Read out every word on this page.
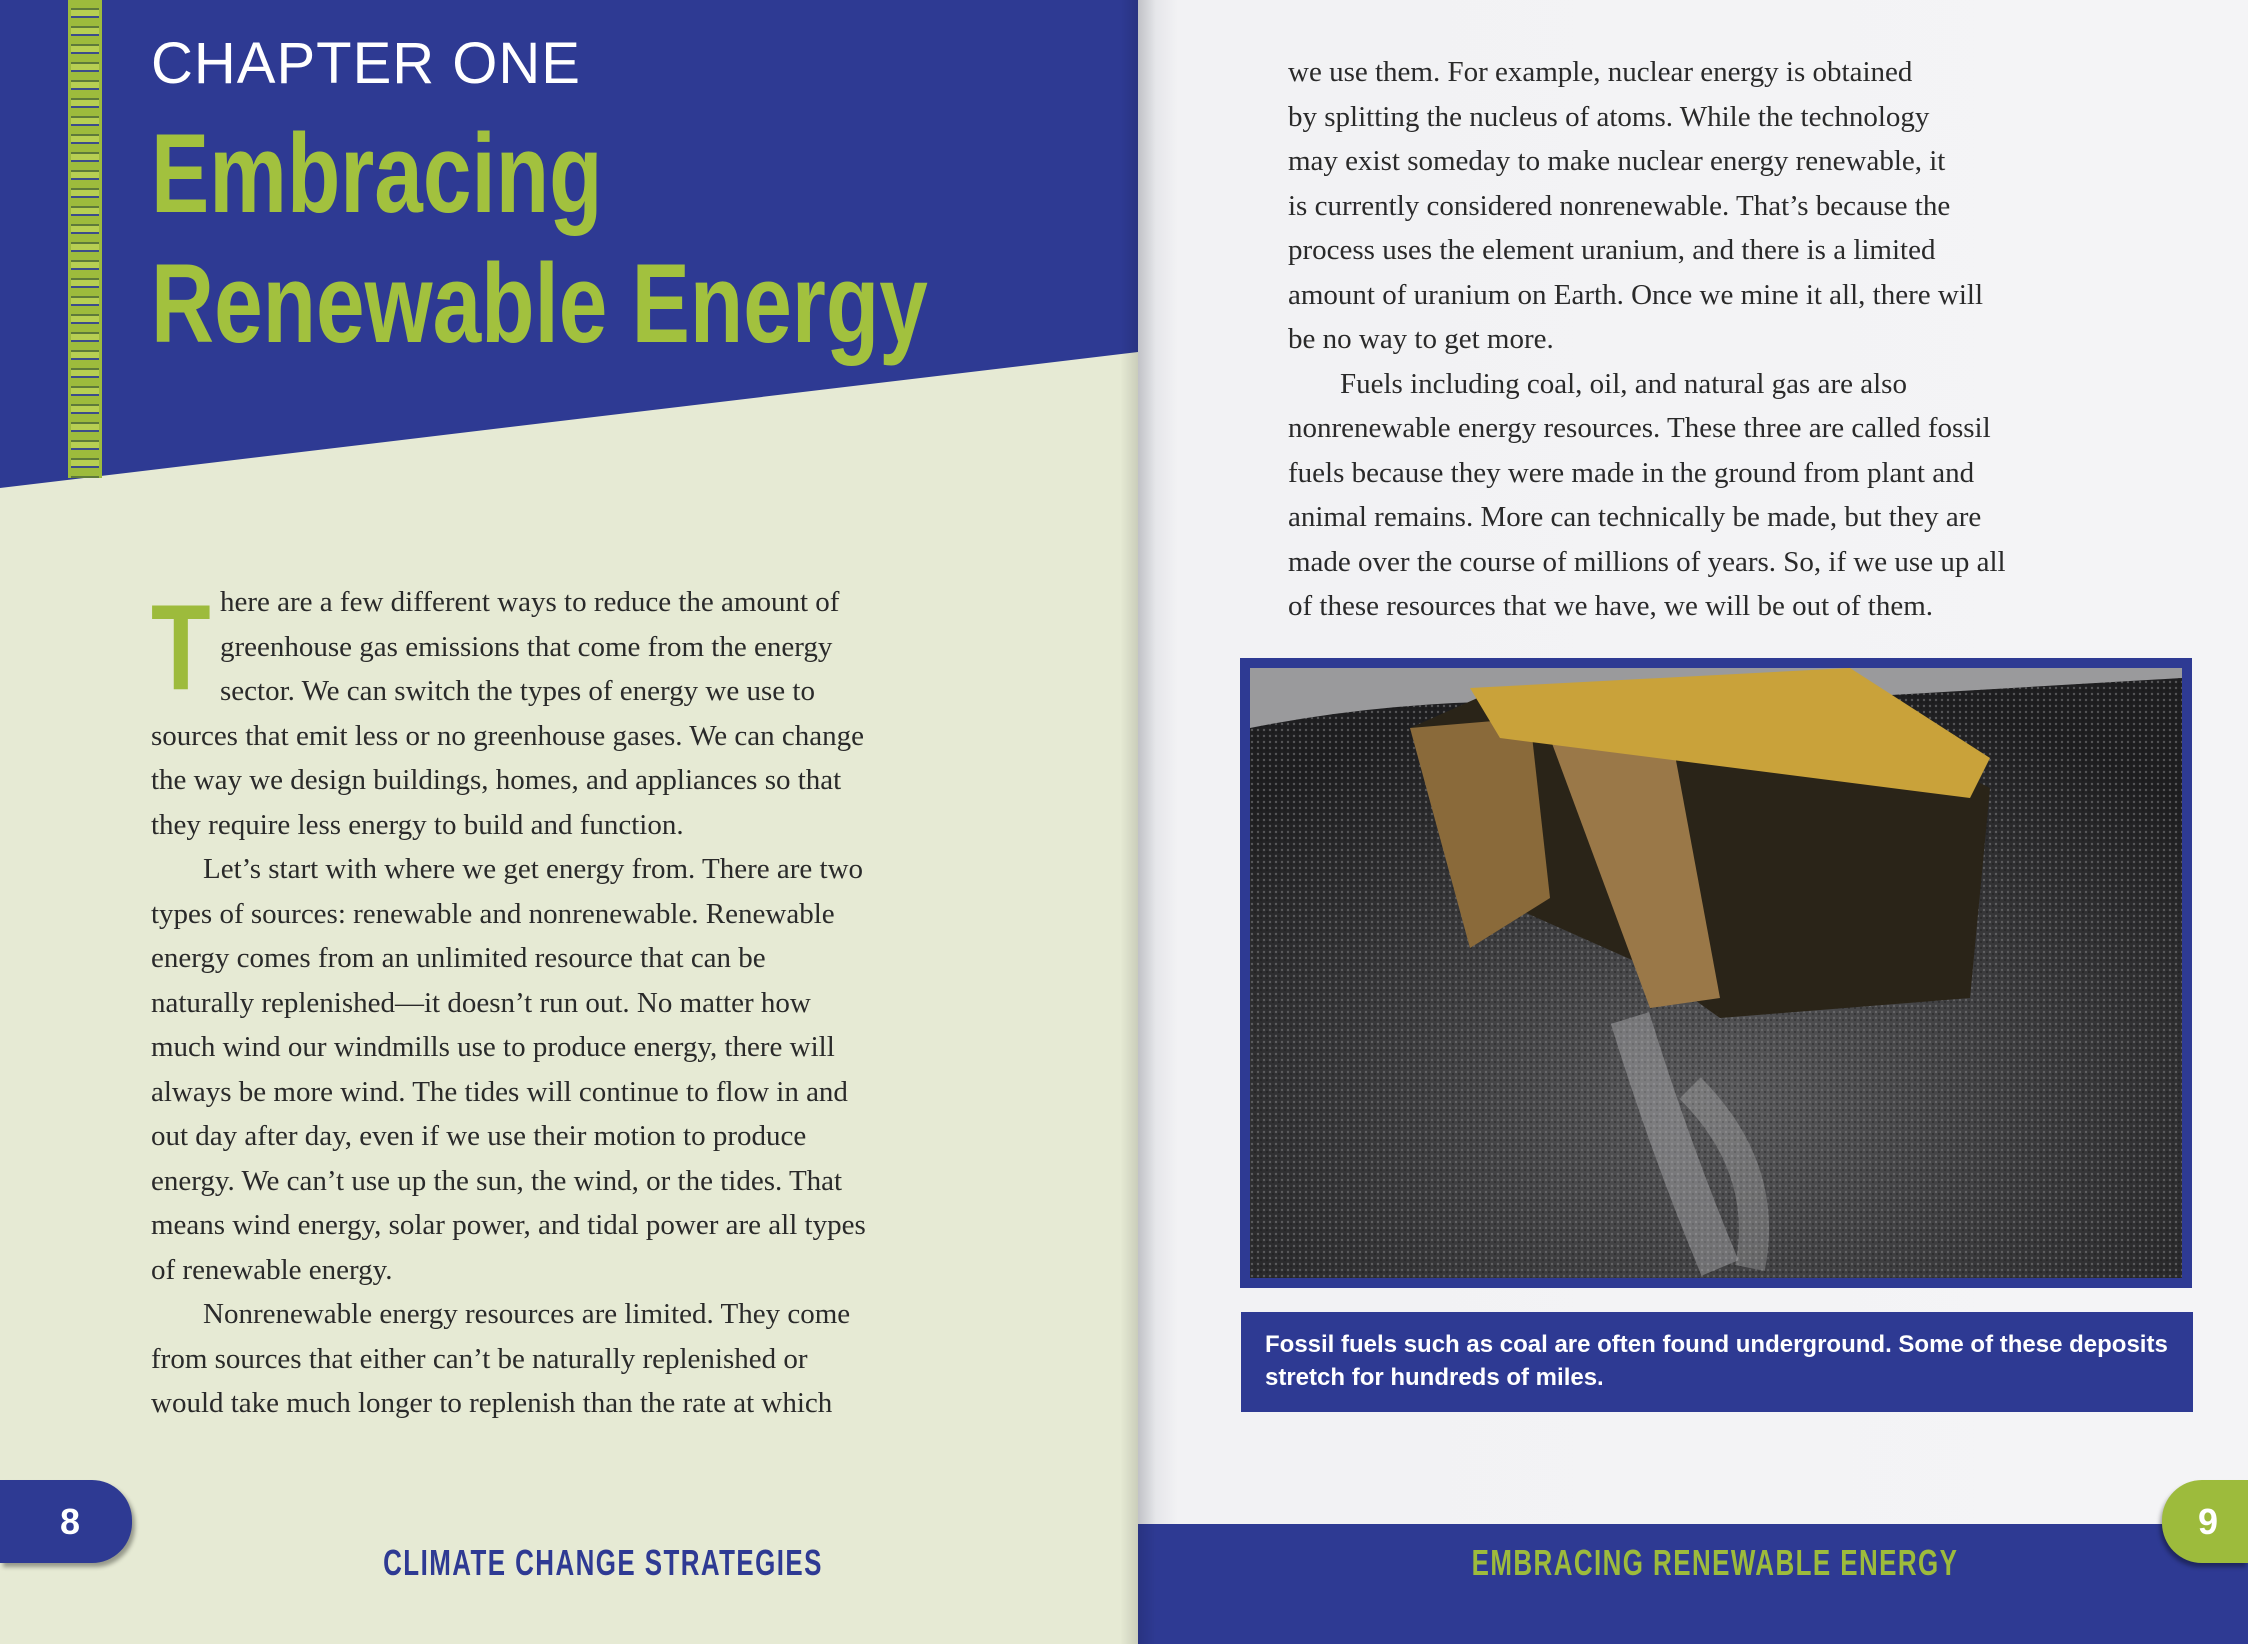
CHAPTER ONE
Embracing
Renewable Energy
T here are a few different ways to reduce the amount of
greenhouse gas emissions that come from the energy
sector. We can switch the types of energy we use to
sources that emit less or no greenhouse gases. We can change
the way we design buildings, homes, and appliances so that
they require less energy to build and function.
Let’s start with where we get energy from. There are two
types of sources: renewable and nonrenewable. Renewable
energy comes from an unlimited resource that can be
naturally replenished—it doesn’t run out. No matter how
much wind our windmills use to produce energy, there will
always be more wind. The tides will continue to flow in and
out day after day, even if we use their motion to produce
energy. We can’t use up the sun, the wind, or the tides. That
means wind energy, solar power, and tidal power are all types
of renewable energy.
Nonrenewable energy resources are limited. They come
from sources that either can’t be naturally replenished or
would take much longer to replenish than the rate at which
8
CLIMATE CHANGE STRATEGIES
we use them. For example, nuclear energy is obtained
by splitting the nucleus of atoms. While the technology
may exist someday to make nuclear energy renewable, it
is currently considered nonrenewable. That’s because the
process uses the element uranium, and there is a limited
amount of uranium on Earth. Once we mine it all, there will
be no way to get more.
Fuels including coal, oil, and natural gas are also
nonrenewable energy resources. These three are called fossil
fuels because they were made in the ground from plant and
animal remains. More can technically be made, but they are
made over the course of millions of years. So, if we use up all
of these resources that we have, we will be out of them.
Fossil fuels such as coal are often found underground. Some of these deposits stretch for hundreds of miles.
9
EMBRACING RENEWABLE ENERGY
